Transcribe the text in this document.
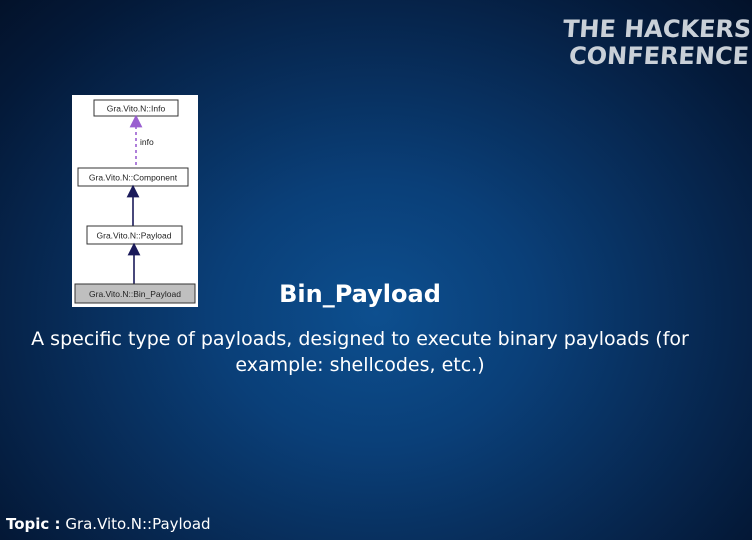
THE HACKERS
CONFERENCE
Gra.Vito.N::Info
info
Gra.Vito.N::Component
Gra.Vito.N::Payload
Gra.Vito.N::Bin_Payload	Bin_Payload
A specific type of payloads, designed to execute binary payloads (for example: shellcodes, etc.)
Topic : Gra.Vito.N::Payload
